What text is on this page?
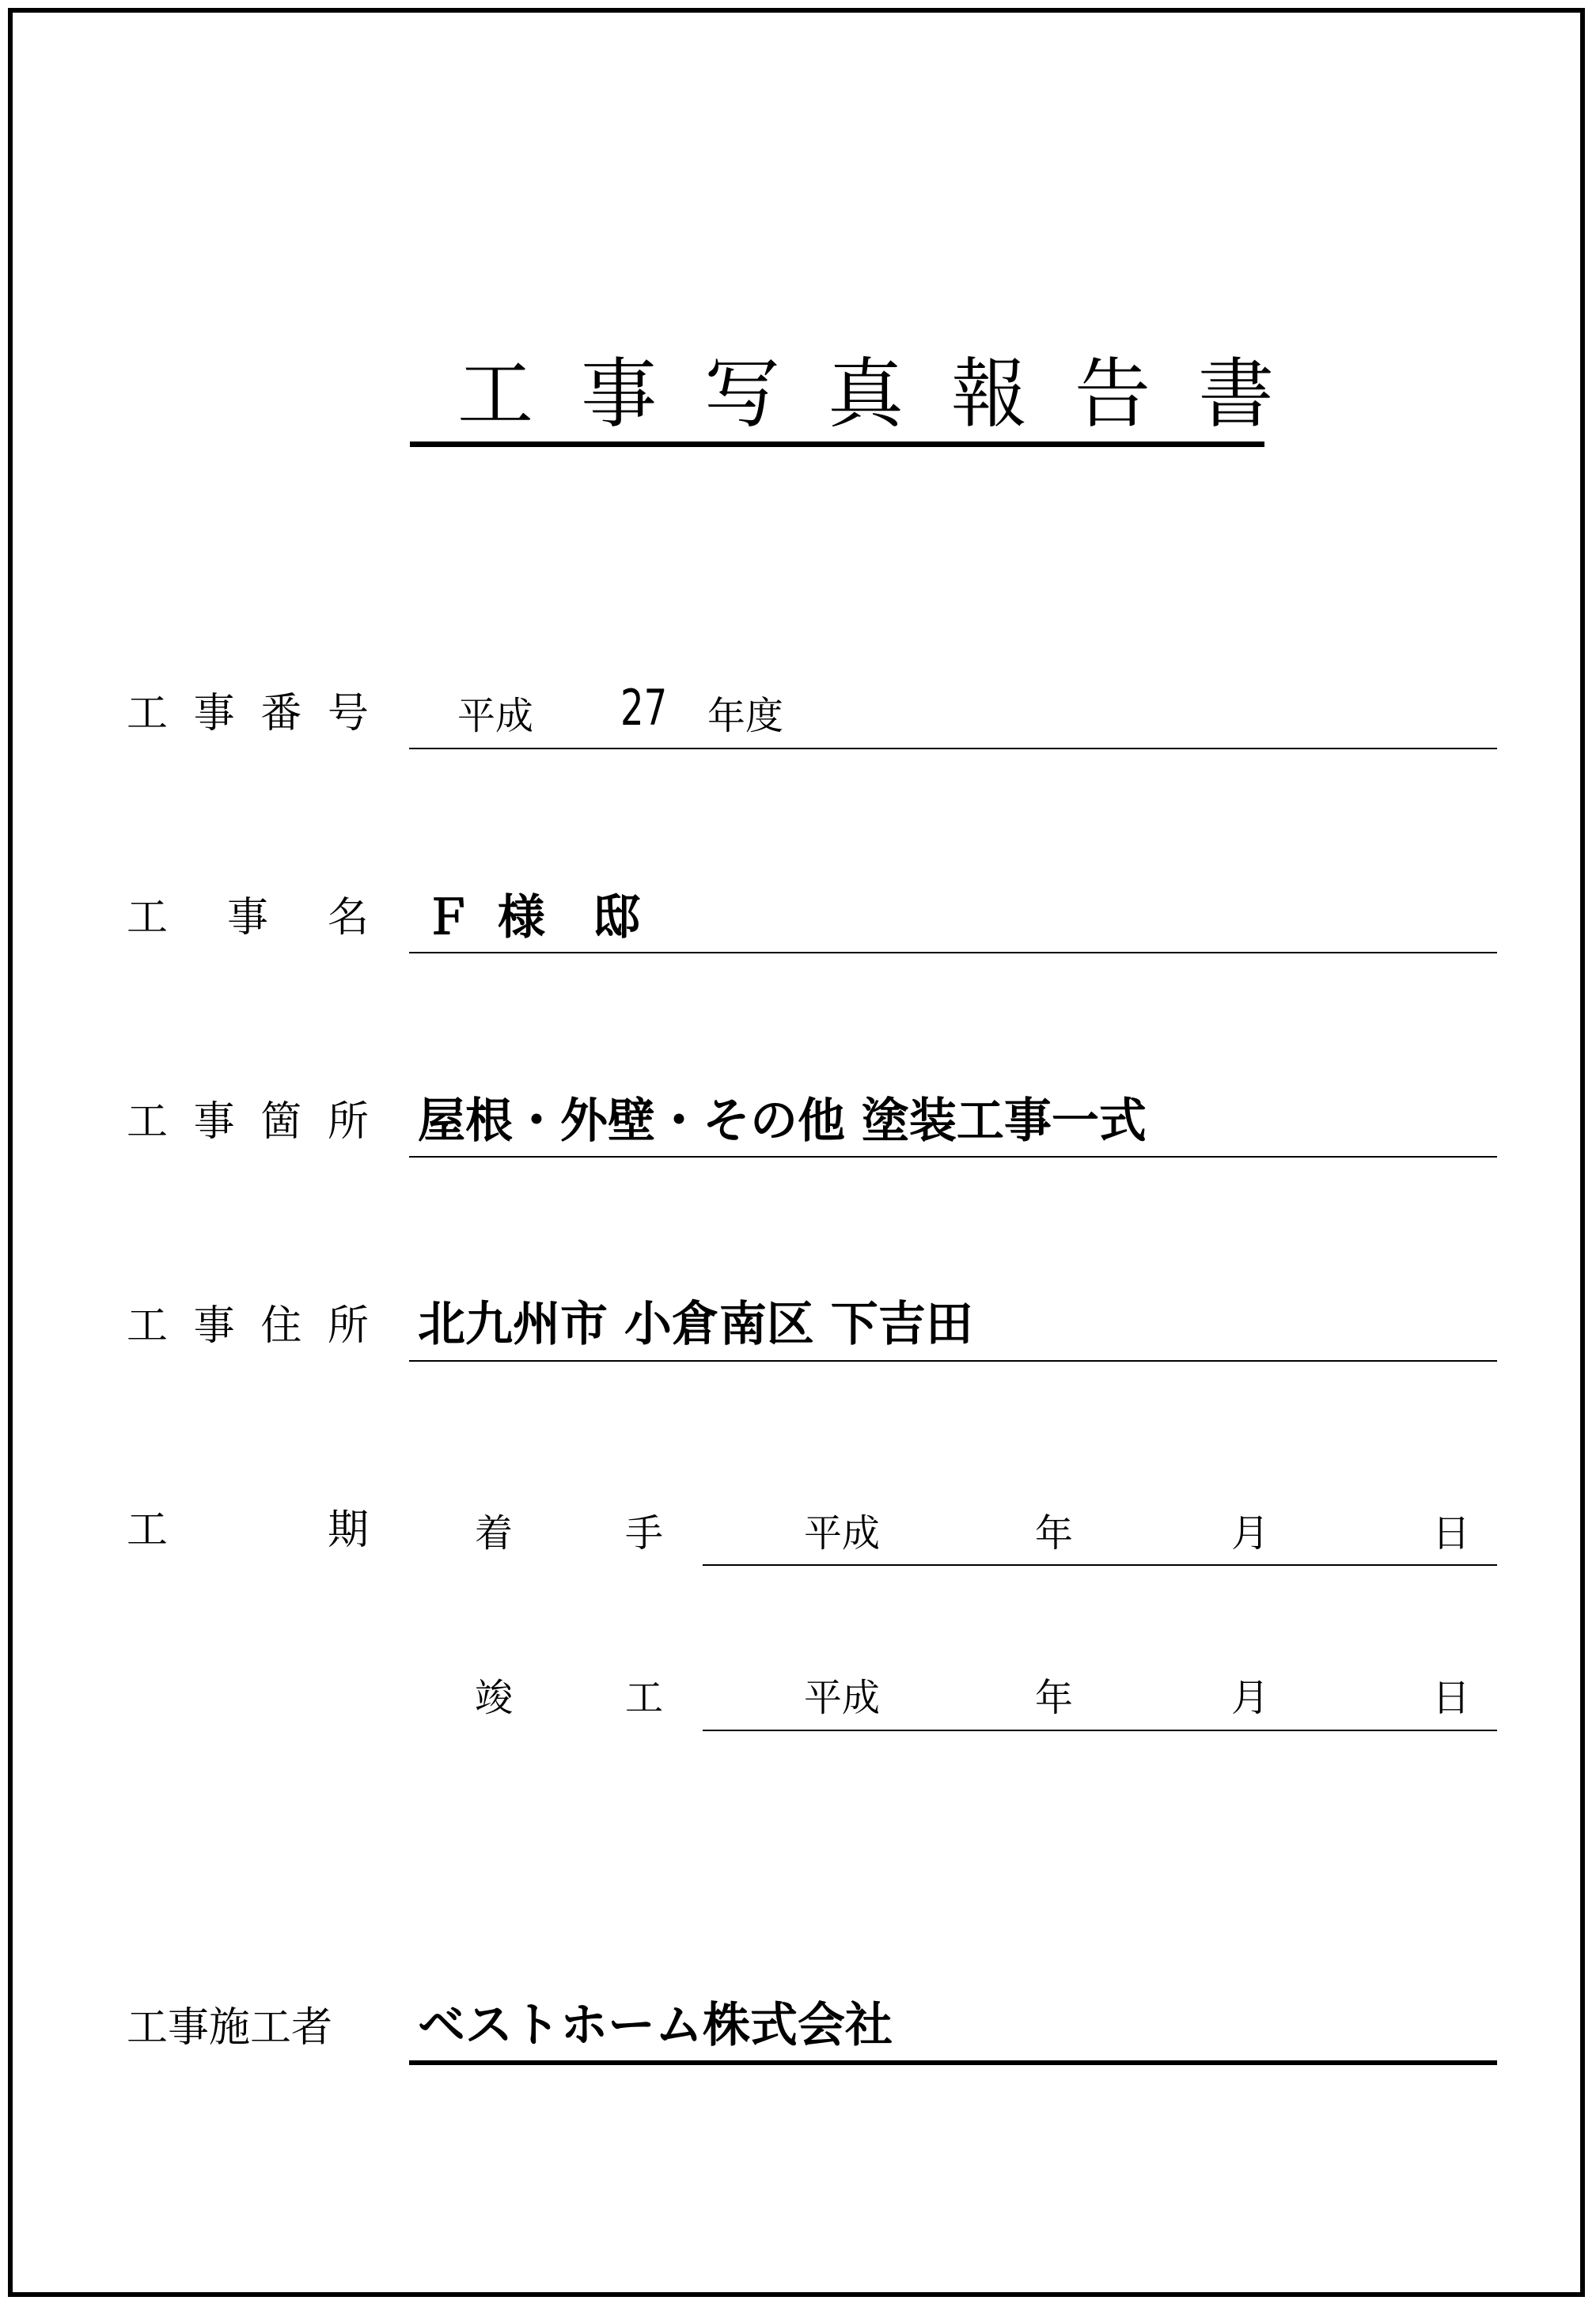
工事写真報告書
工 事 番 号 平成 27 年度
工 事 名 Ｆ 様　邸
工 事 箇 所 屋根・外壁・その他 塗装工事一式
工 事 住 所 北九州市 小倉南区 下吉田
工	期	着	手	平成	年	月	日
竣	工	平成	年	月	日
工事施工者 ベストホーム株式会社
